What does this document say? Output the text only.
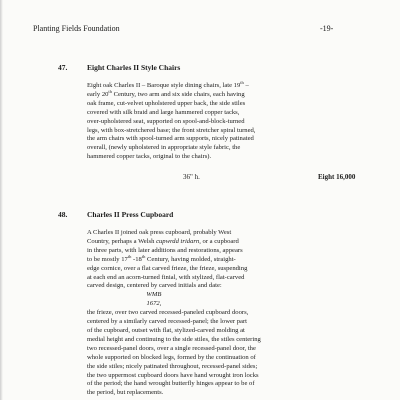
Planting Fields Foundation	-19-
47.	Eight Charles II Style Chairs
Eight oak Charles II – Baroque style dining chairs, late 19th –
early 20th Century, two arm and six side chairs, each having
oak frame, cut-velvet upholstered upper back, the side stiles
covered with silk braid and large hammered copper tacks,
over-upholstered seat, supported on spool-and-block-turned
legs, with box-stretchered base; the front stretcher spiral turned,
the arm chairs with spool-turned arm supports, nicely patinated
overall, (newly upholstered in appropriate style fabric, the
hammered copper tacks, original to the chairs).
36" h.	Eight 16,000
48.	Charles II Press Cupboard
A Charles II joined oak press cupboard, probably West
Country, perhaps a Welsh cupwrdd tridarn, or a cupboard
in three parts, with later additions and restorations, appears
to be mostly 17th -18th Century, having molded, straight-
edge cornice, over a flat carved frieze, the frieze, suspending
at each end an acorn-turned finial, with stylized, flat-carved
carved design, centered by carved initials and date:
WMB
1672,
the frieze, over two carved recessed-paneled cupboard doors,
centered by a similarly carved recessed-panel; the lower part
of the cupboard, outset with flat, stylized-carved molding at
medial height and continuing to the side stiles, the stiles centering
two recessed-panel doors, over a single recessed-panel door, the
whole supported on blocked legs, formed by the continuation of
the side stiles; nicely patinated throughout, recessed-panel sides;
the two uppermost cupboard doors have hand wrought iron locks
of the period; the hand wrought butterfly hinges appear to be of
the period, but replacements.
